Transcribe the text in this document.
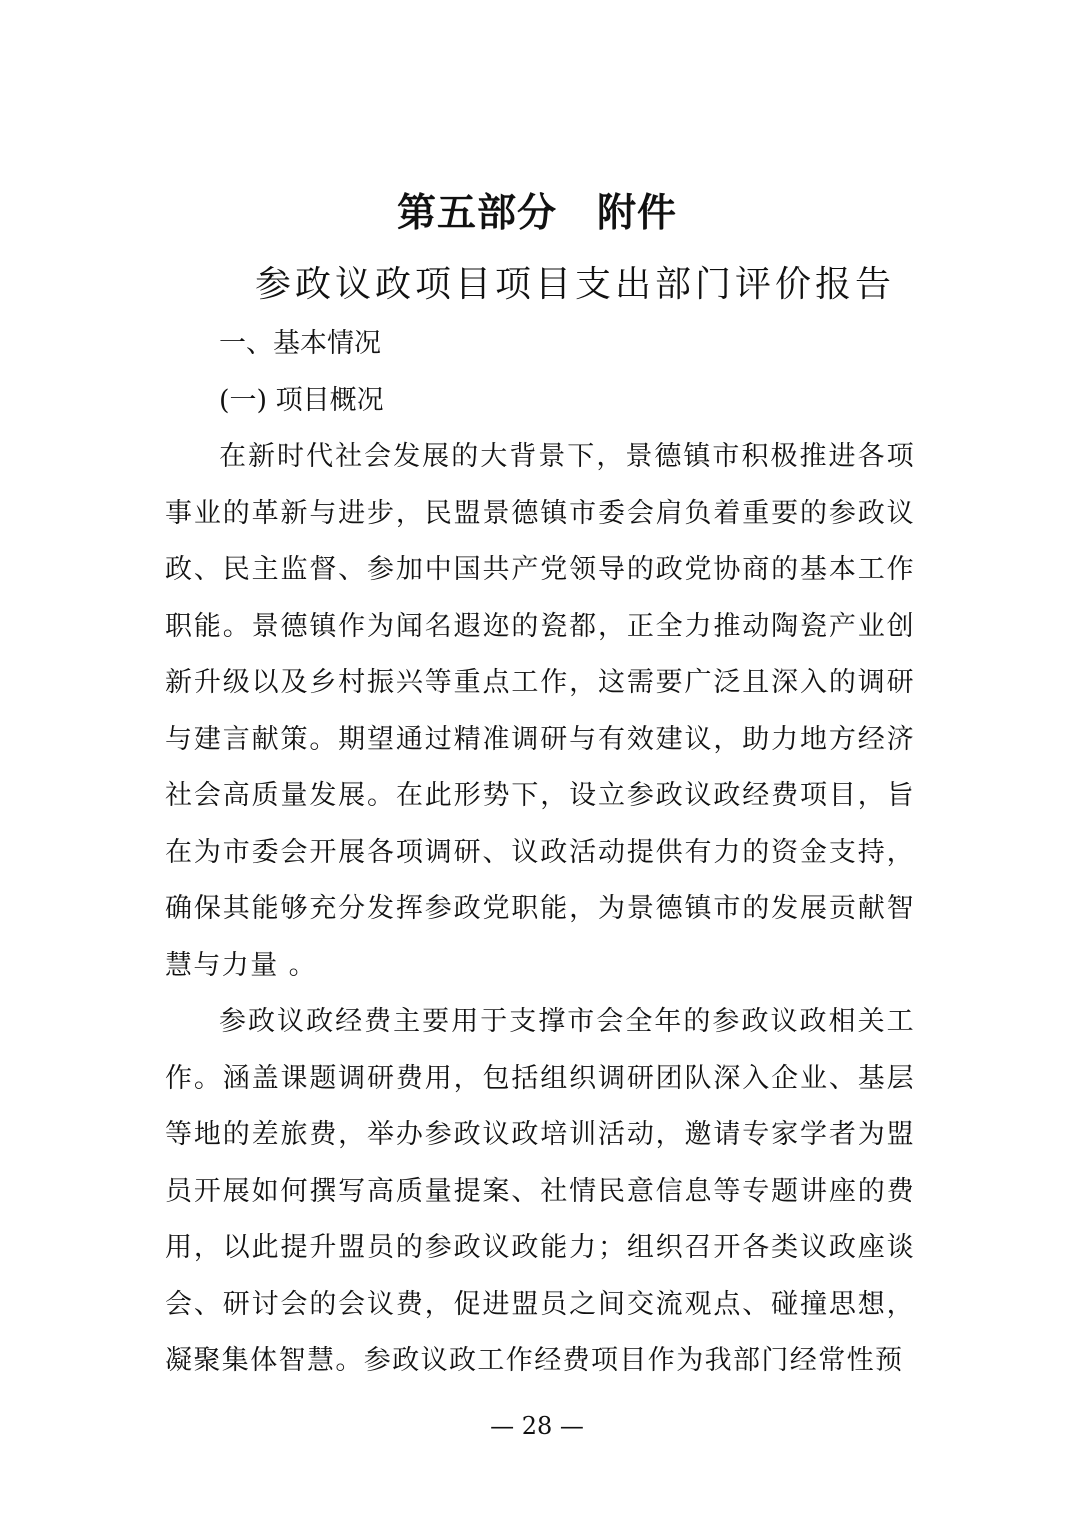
第五部分　附件
参政议政项目项目支出部门评价报告

一、基本情况

(一) 项目概况

在新时代社会发展的大背景下，景德镇市积极推进各项事业的革新与进步，民盟景德镇市委会肩负着重要的参政议政、民主监督、参加中国共产党领导的政党协商的基本工作职能。景德镇作为闻名遐迩的瓷都，正全力推动陶瓷产业创新升级以及乡村振兴等重点工作，这需要广泛且深入的调研与建言献策。期望通过精准调研与有效建议，助力地方经济社会高质量发展。在此形势下，设立参政议政经费项目，旨在为市委会开展各项调研、议政活动提供有力的资金支持，确保其能够充分发挥参政党职能，为景德镇市的发展贡献智慧与力量 。

参政议政经费主要用于支撑市会全年的参政议政相关工作。涵盖课题调研费用，包括组织调研团队深入企业、基层等地的差旅费，举办参政议政培训活动，邀请专家学者为盟员开展如何撰写高质量提案、社情民意信息等专题讲座的费用，以此提升盟员的参政议政能力；组织召开各类议政座谈会、研讨会的会议费，促进盟员之间交流观点、碰撞思想，凝聚集体智慧。参政议政工作经费项目作为我部门经常性预

— 28 —
